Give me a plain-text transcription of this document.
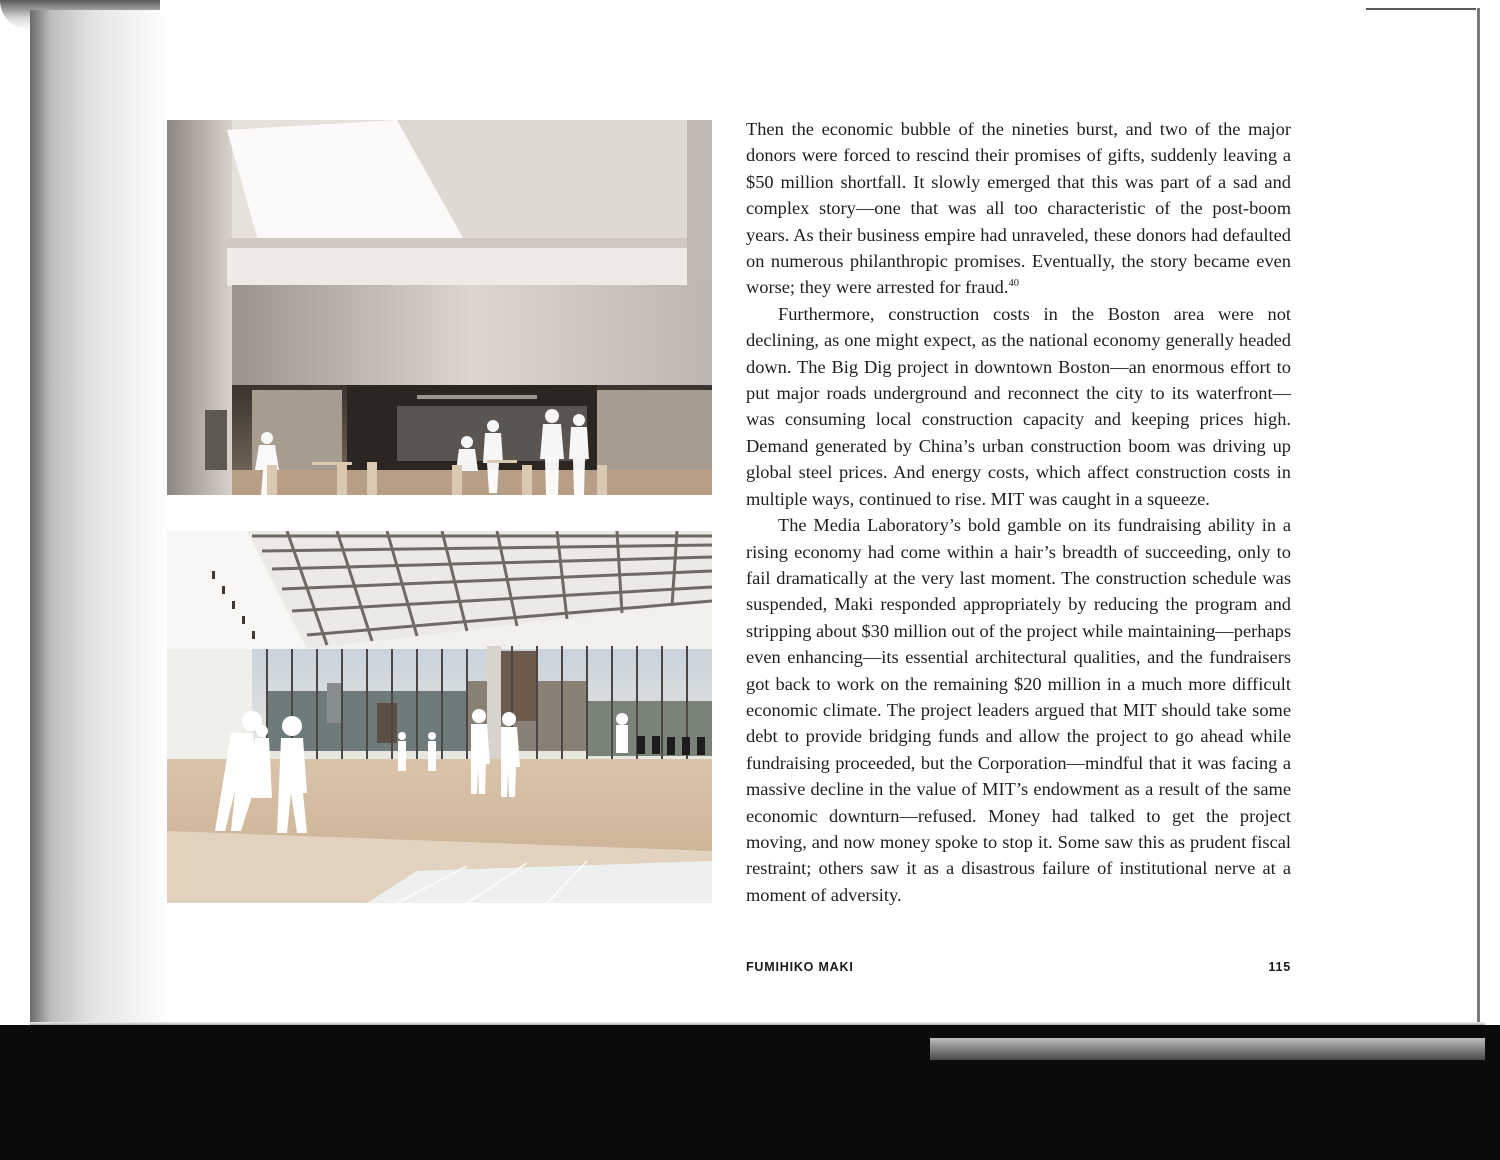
Then the economic bubble of the nineties burst, and two of the major donors were forced to rescind their promises of gifts, suddenly leaving a $50 million shortfall. It slowly emerged that this was part of a sad and complex story—one that was all too characteristic of the post-boom years. As their business empire had unraveled, these donors had defaulted on numerous philanthropic promises. Eventually, the story became even worse; they were arrested for fraud.$^{40}$

Furthermore, construction costs in the Boston area were not declining, as one might expect, as the national economy generally headed down. The Big Dig project in downtown Boston—an enormous effort to put major roads underground and reconnect the city to its waterfront—was consuming local construction capacity and keeping prices high. Demand generated by China’s urban construction boom was driving up global steel prices. And energy costs, which affect construction costs in multiple ways, continued to rise. MIT was caught in a squeeze.

The Media Laboratory’s bold gamble on its fundraising ability in a rising economy had come within a hair’s breadth of succeeding, only to fail dramatically at the very last moment. The construction schedule was suspended, Maki responded appropriately by reducing the program and stripping about $30 million out of the project while maintaining—perhaps even enhancing—its essential architectural qualities, and the fundraisers got back to work on the remaining $20 million in a much more difficult economic climate. The project leaders argued that MIT should take some debt to provide bridging funds and allow the project to go ahead while fundraising proceeded, but the Corporation—mindful that it was facing a massive decline in the value of MIT’s endowment as a result of the same economic downturn—refused. Money had talked to get the project moving, and now money spoke to stop it. Some saw this as prudent fiscal restraint; others saw it as a disastrous failure of institutional nerve at a moment of adversity.

FUMIHIKO MAKI	115
